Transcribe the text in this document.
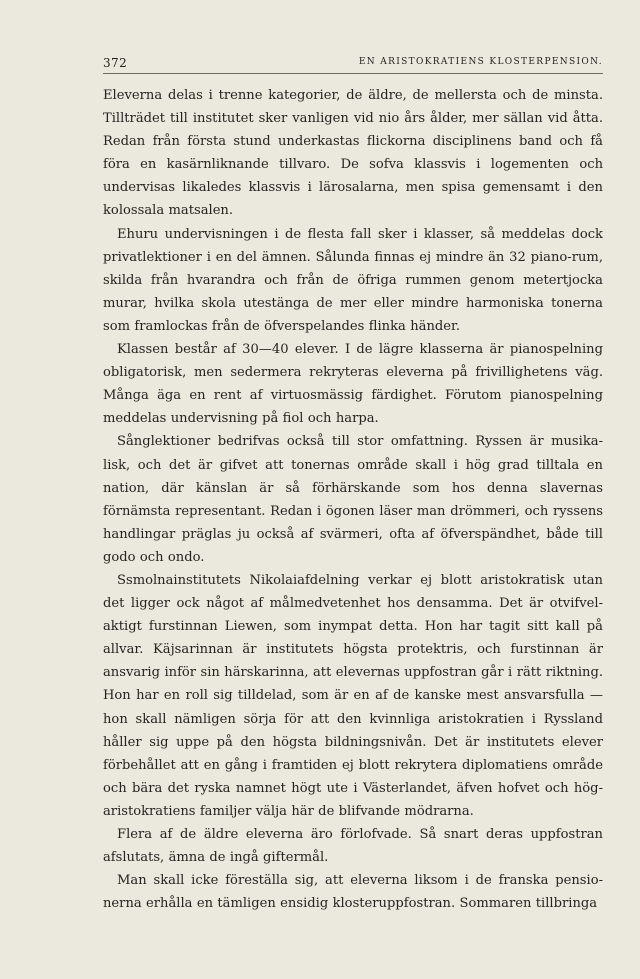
372	EN ARISTOKRATIENS KLOSTERPENSION.

Eleverna delas i trenne kategorier, de äldre, de mellersta och de minsta. Tillträdet till institutet sker vanligen vid nio års ålder, mer sällan vid åtta. Redan från första stund underkastas flickorna disciplinens band och få föra en kasärnliknande tillvaro. De sofva klassvis i logementen och undervisas likaledes klassvis i lärosalarna, men spisa gemensamt i den kolossala matsalen.

Ehuru undervisningen i de flesta fall sker i klasser, så meddelas dock privatlektioner i en del ämnen. Sålunda finnas ej mindre än 32 piano-rum, skilda från hvarandra och från de öfriga rummen genom metertjocka murar, hvilka skola utestänga de mer eller mindre harmoniska tonerna som framlockas från de öfverspelandes flinka händer.

Klassen består af 30—40 elever. I de lägre klasserna är pianospelning obligatorisk, men sedermera rekryteras eleverna på frivillighetens väg. Många äga en rent af virtuosmässig färdighet. Förutom pianospelning meddelas undervisning på fiol och harpa.

Sånglektioner bedrifvas också till stor omfattning. Ryssen är musika-lisk, och det är gifvet att tonernas område skall i hög grad tilltala en nation, där känslan är så förhärskande som hos denna slavernas förnämsta representant. Redan i ögonen läser man drömmeri, och ryssens handlingar präglas ju också af svärmeri, ofta af öfverspändhet, både till godo och ondo.

Ssmolnainstitutets Nikolaiafdelning verkar ej blott aristokratisk utan det ligger ock något af målmedvetenhet hos densamma. Det är otvifvel-aktigt furstinnan Liewen, som inympat detta. Hon har tagit sitt kall på allvar. Käjsarinnan är institutets högsta protektris, och furstinnan är ansvarig inför sin härskarinna, att elevernas uppfostran går i rätt riktning. Hon har en roll sig tilldelad, som är en af de kanske mest ansvarsfulla — hon skall nämligen sörja för att den kvinnliga aristokratien i Ryssland håller sig uppe på den högsta bildningsnivån. Det är institutets elever förbehållet att en gång i framtiden ej blott rekrytera diplomatiens område och bära det ryska namnet högt ute i Västerlandet, äfven hofvet och hög-aristokratiens familjer välja här de blifvande mödrarna.

Flera af de äldre eleverna äro förlofvade. Så snart deras uppfostran afslutats, ämna de ingå giftermål.

Man skall icke föreställa sig, att eleverna liksom i de franska pensio-nerna erhålla en tämligen ensidig klosteruppfostran. Sommaren tillbringa
